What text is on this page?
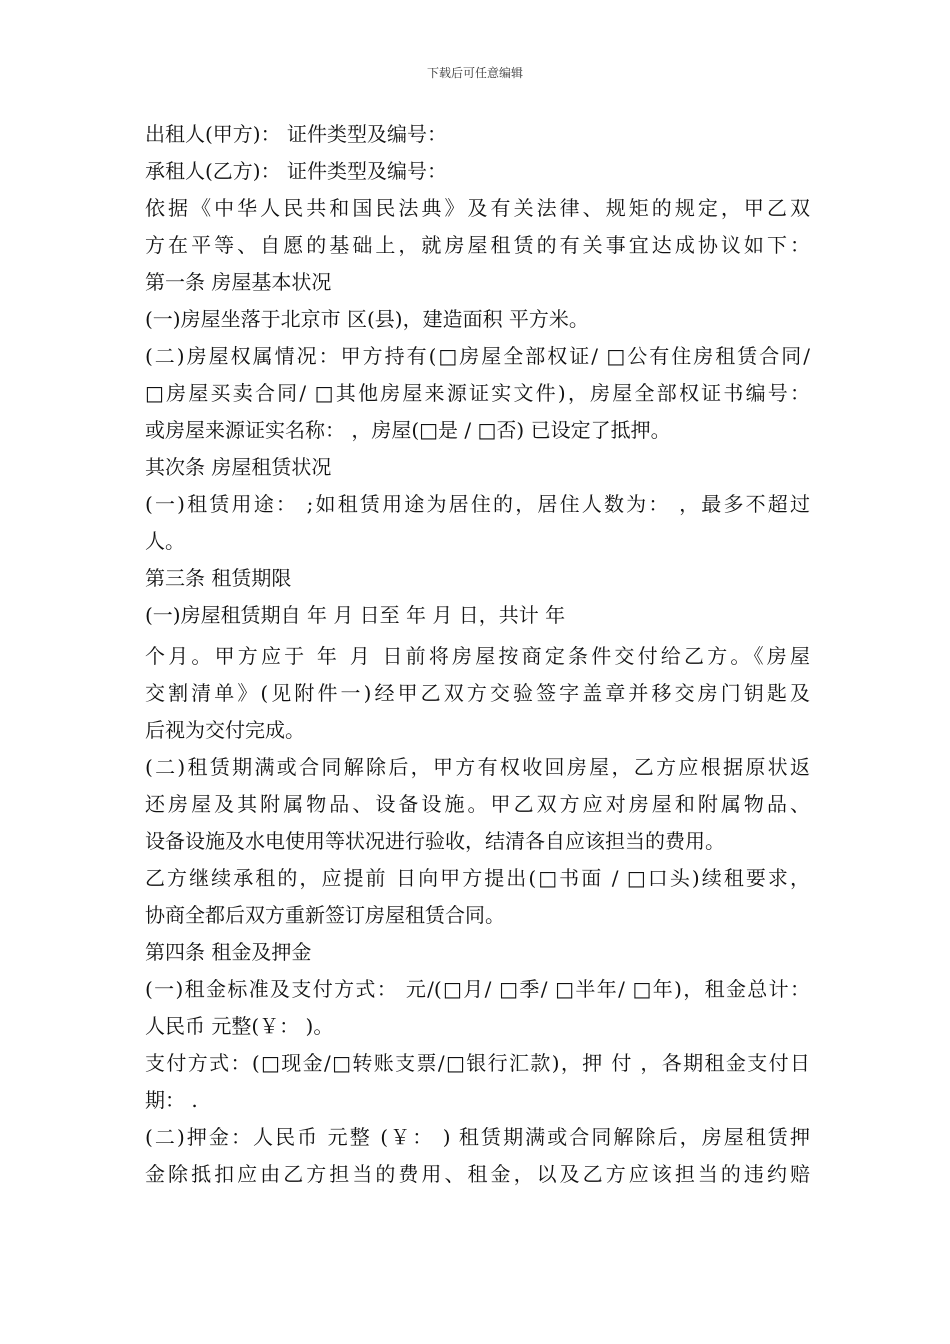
下载后可任意编辑
出租人(甲方)： 证件类型及编号：
承租人(乙方)： 证件类型及编号：
依据《中华人民共和国民法典》及有关法律、规矩的规定，甲乙双
方在平等、自愿的基础上，就房屋租赁的有关事宜达成协议如下：
第一条 房屋基本状况
(一)房屋坐落于北京市 区(县)，建造面积 平方米。
(二)房屋权属情况：甲方持有(□房屋全部权证/ □公有住房租赁合同/
□房屋买卖合同/ □其他房屋来源证实文件)，房屋全部权证书编号：
或房屋来源证实名称： ，房屋(□是 / □否) 已设定了抵押。
其次条 房屋租赁状况
(一)租赁用途： ;如租赁用途为居住的，居住人数为： ，最多不超过
人。
第三条 租赁期限
(一)房屋租赁期自 年 月 日至 年 月 日，共计 年
个月。甲方应于 年 月 日前将房屋按商定条件交付给乙方。《房屋
交割清单》(见附件一)经甲乙双方交验签字盖章并移交房门钥匙及
后视为交付完成。
(二)租赁期满或合同解除后，甲方有权收回房屋，乙方应根据原状返
还房屋及其附属物品、设备设施。甲乙双方应对房屋和附属物品、
设备设施及水电使用等状况进行验收，结清各自应该担当的费用。
乙方继续承租的，应提前 日向甲方提出(□书面 / □口头)续租要求，
协商全都后双方重新签订房屋租赁合同。
第四条 租金及押金
(一)租金标准及支付方式： 元/(□月/ □季/ □半年/ □年)，租金总计：
人民币 元整(￥： )。
支付方式：(□现金/□转账支票/□银行汇款)，押 付 ，各期租金支付日
期： .
(二)押金：人民币 元整 (￥： ) 租赁期满或合同解除后，房屋租赁押
金除抵扣应由乙方担当的费用、租金，以及乙方应该担当的违约赔
